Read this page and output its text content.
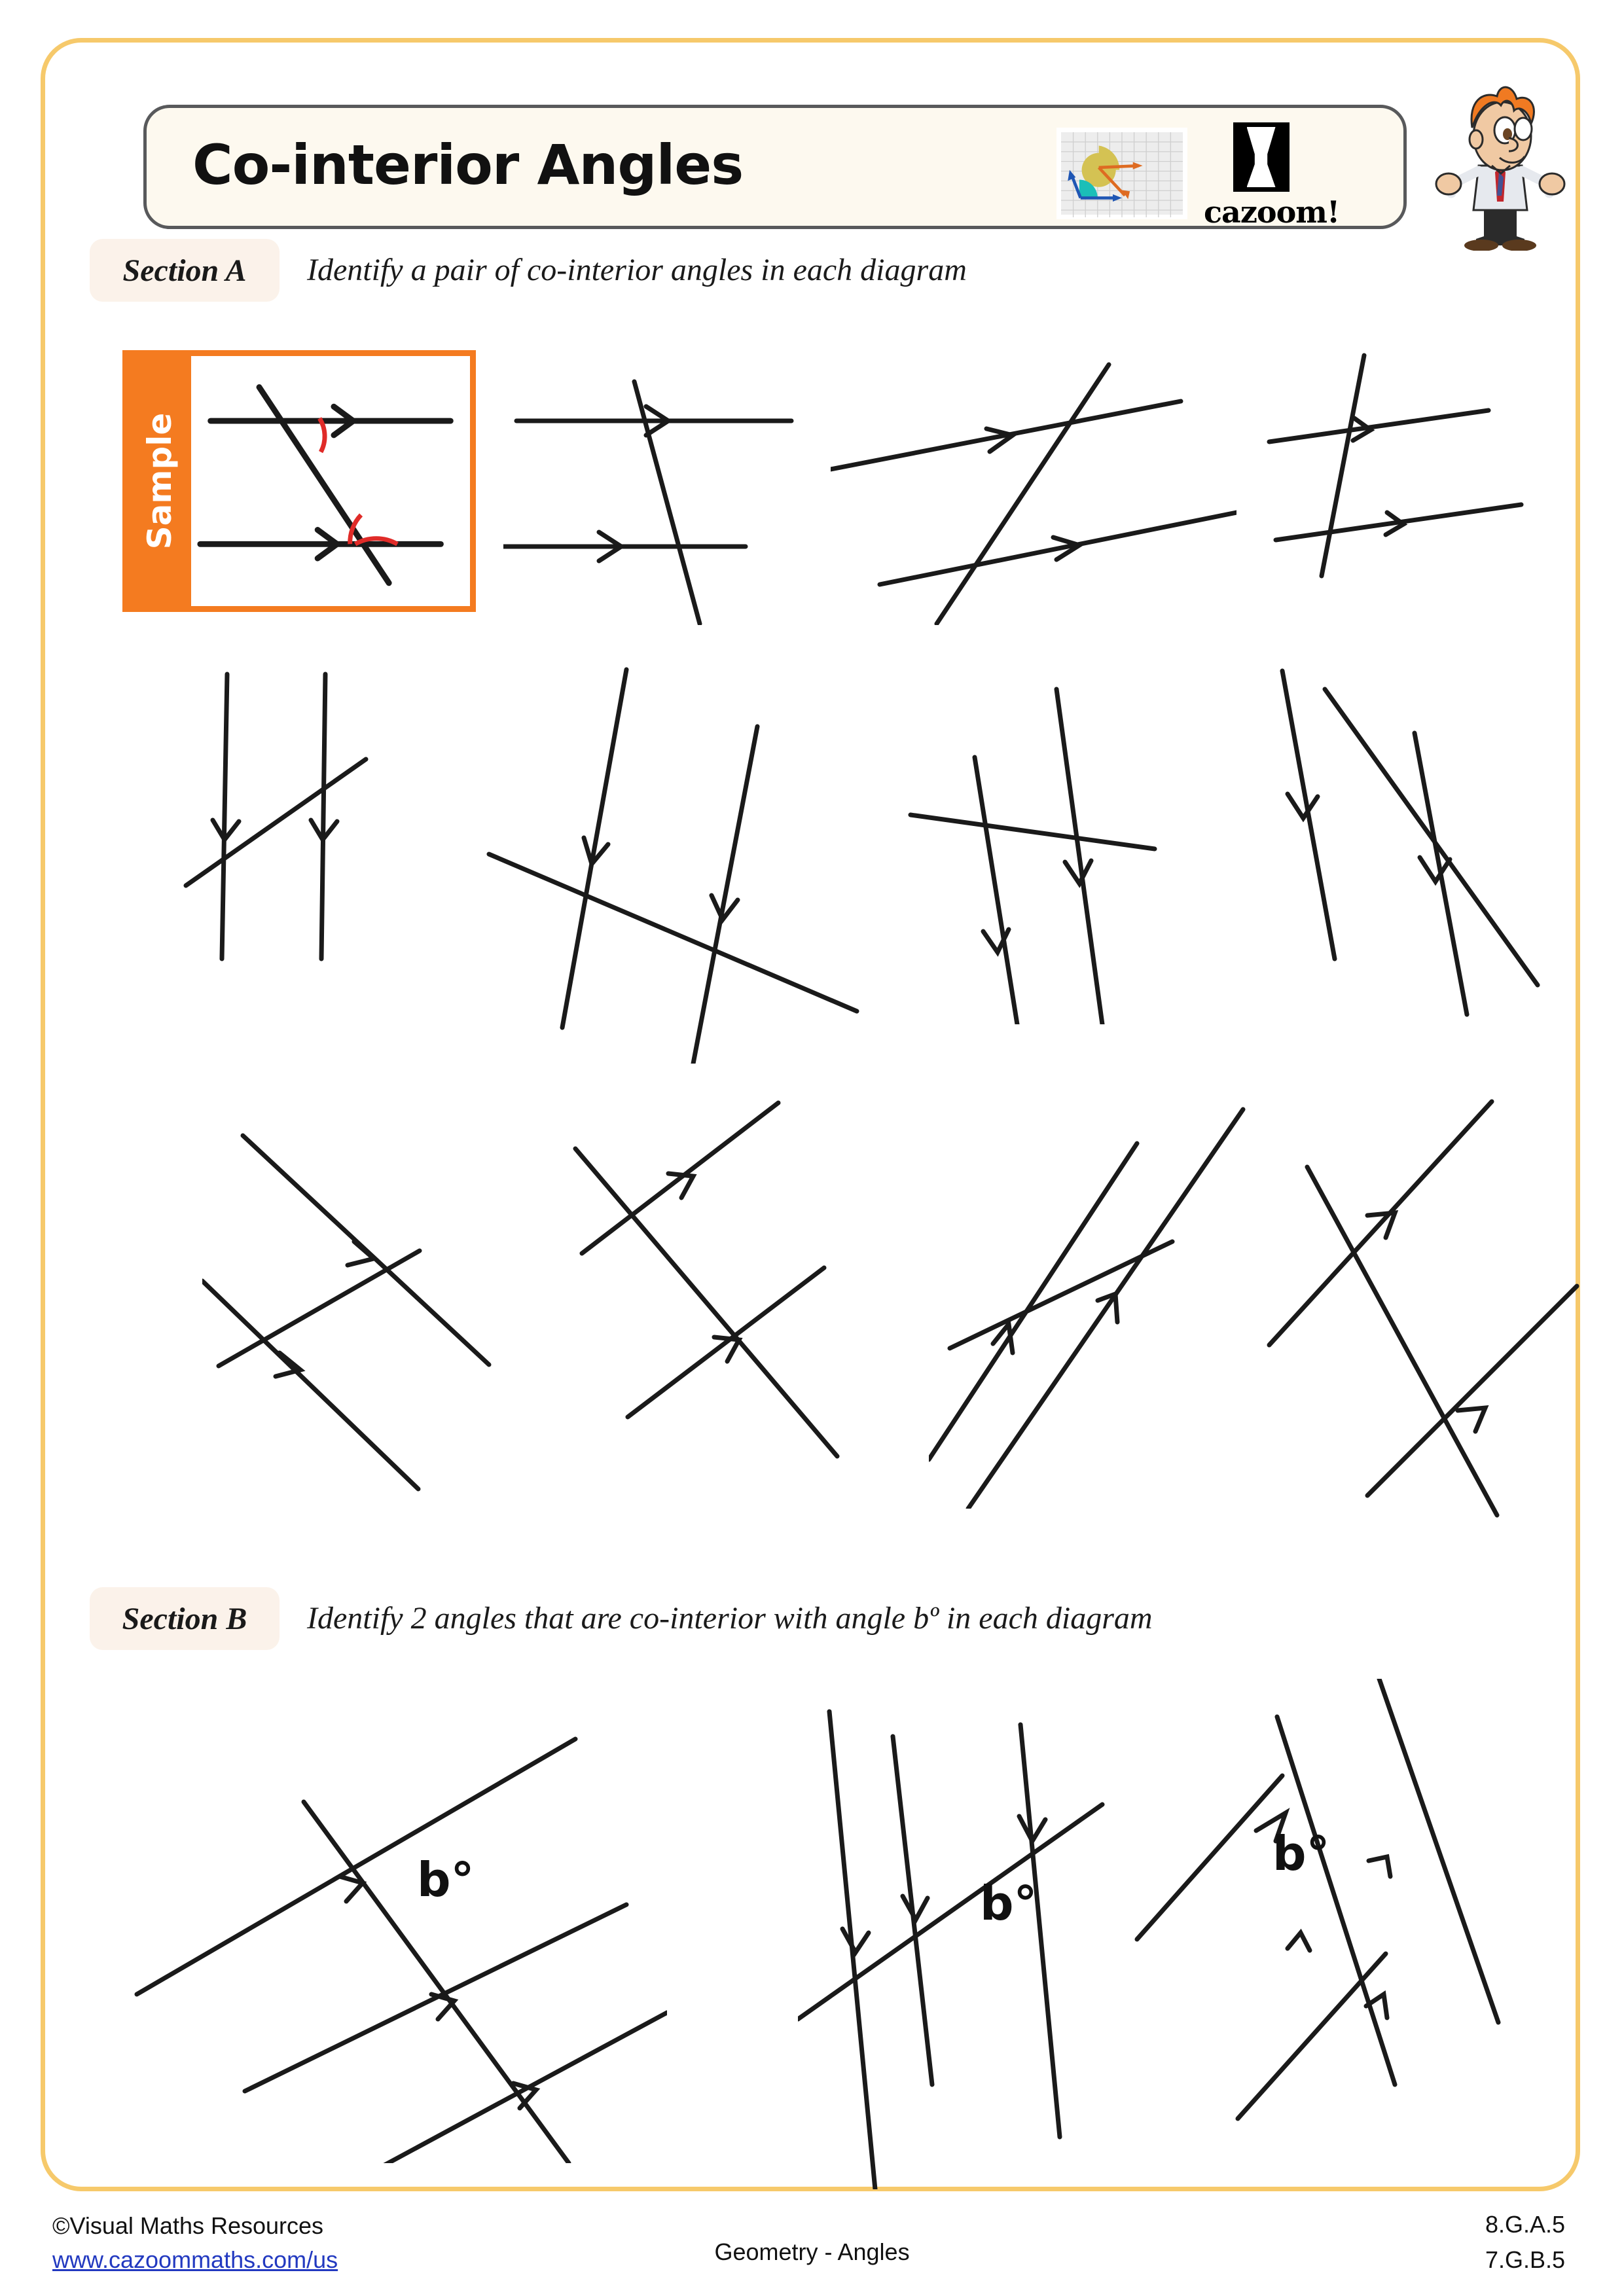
Co-interior Angles
cazoom!
Section A Identify a pair of co-interior angles in each diagram
Sample
Section B Identify 2 angles that are co-interior with angle bº in each diagram
b°	b°
b°
©Visual Maths Resources
www.cazoommaths.com/us	Geometry - Angles
8.G.A.5
7.G.B.5
